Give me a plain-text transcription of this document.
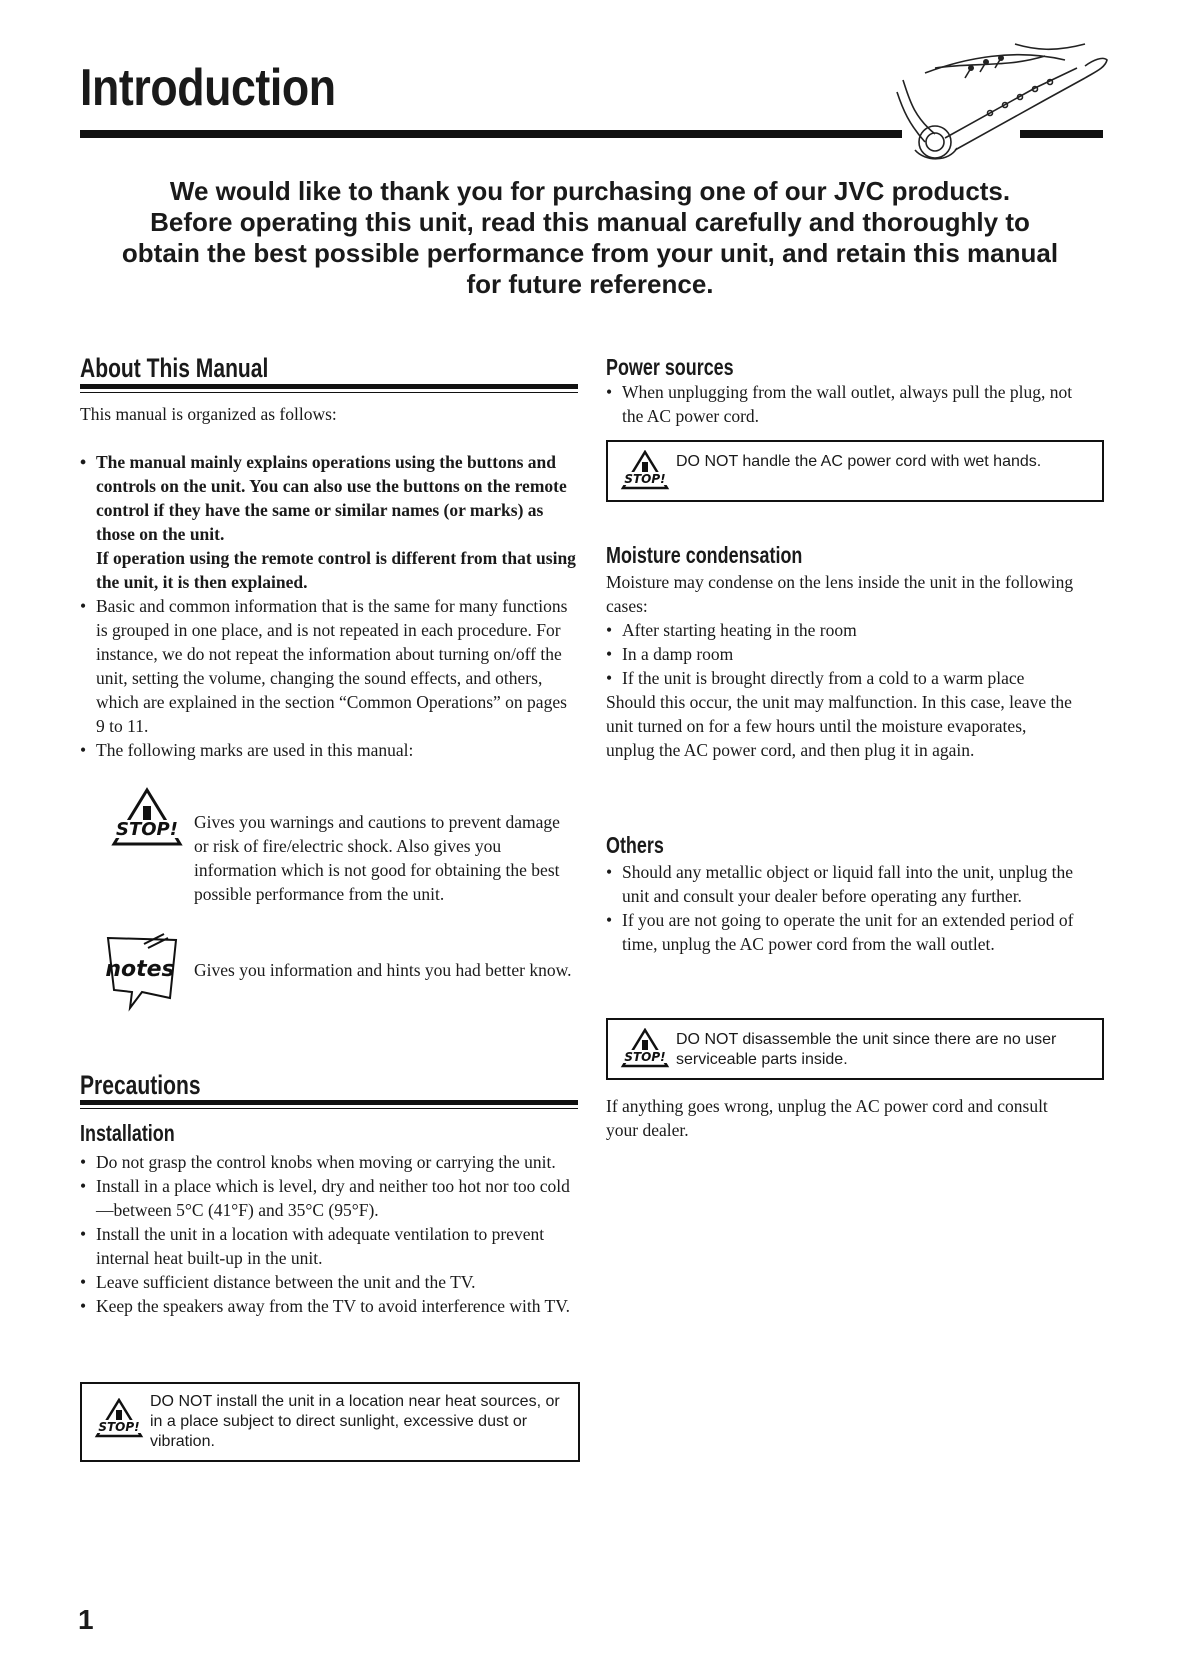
Introduction
We would like to thank you for purchasing one of our JVC products.
Before operating this unit, read this manual carefully and thoroughly to
obtain the best possible performance from your unit, and retain this manual
for future reference.
About This Manual

This manual is organized as follows:

• The manual mainly explains operations using the buttons and controls on the unit. You can also use the buttons on the remote control if they have the same or similar names (or marks) as those on the unit.
If operation using the remote control is different from that using the unit, it is then explained.
• Basic and common information that is the same for many functions is grouped in one place, and is not repeated in each procedure. For instance, we do not repeat the information about turning on/off the unit, setting the volume, changing the sound effects, and others, which are explained in the section “Common Operations” on pages 9 to 11.
• The following marks are used in this manual:
STOP! Gives you warnings and cautions to prevent damage or risk of fire/electric shock. Also gives you information which is not good for obtaining the best possible performance from the unit.

notes Gives you information and hints you had better know.

Precautions
Installation
• Do not grasp the control knobs when moving or carrying the unit.
• Install in a place which is level, dry and neither too hot nor too cold—between 5°C (41°F) and 35°C (95°F).
• Install the unit in a location with adequate ventilation to prevent internal heat built-up in the unit.
• Leave sufficient distance between the unit and the TV.
• Keep the speakers away from the TV to avoid interference with TV.
STOP!
DO NOT install the unit in a location near heat sources, or in a place subject to direct sunlight, excessive dust or vibration.
Power sources
• When unplugging from the wall outlet, always pull the plug, not the AC power cord.
STOP!
DO NOT handle the AC power cord with wet hands.
Moisture condensation

Moisture may condense on the lens inside the unit in the following cases:

• After starting heating in the room
• In a damp room
• If the unit is brought directly from a cold to a warm place

Should this occur, the unit may malfunction. In this case, leave the unit turned on for a few hours until the moisture evaporates, unplug the AC power cord, and then plug it in again.

Others
• Should any metallic object or liquid fall into the unit, unplug the unit and consult your dealer before operating any further.
• If you are not going to operate the unit for an extended period of time, unplug the AC power cord from the wall outlet.
STOP!
DO NOT disassemble the unit since there are no user serviceable parts inside.

If anything goes wrong, unplug the AC power cord and consult your dealer.

1
